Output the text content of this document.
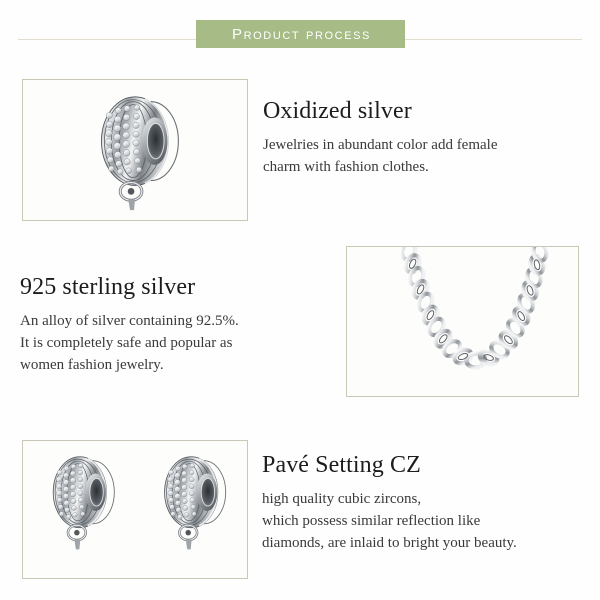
Product process
Oxidized silver

Jewelries in abundant color add female
charm with fashion clothes.

925 sterling silver

An alloy of silver containing 92.5%.
It is completely safe and popular as
women fashion jewelry.

Pavé Setting CZ

high quality cubic zircons,
which possess similar reflection like
diamonds, are inlaid to bright your beauty.
